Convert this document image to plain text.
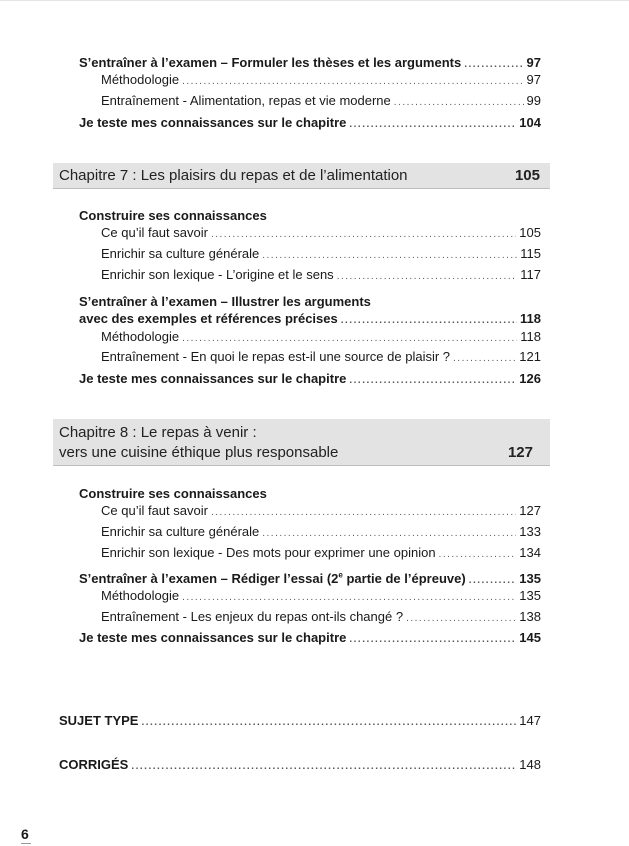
S’entraîner à l’examen – Formuler les thèses et les arguments .....	97
Méthodologie .....	97
Entraînement - Alimentation, repas et vie moderne .....	99
Je teste mes connaissances sur le chapitre .....	104
Chapitre 7 : Les plaisirs du repas et de l’alimentation	105
Construire ses connaissances
Ce qu’il faut savoir .....	105
Enrichir sa culture générale .....	115
Enrichir son lexique - L’origine et le sens .....	117
S’entraîner à l’examen – Illustrer les arguments
avec des exemples et références précises .....	118
Méthodologie .....	118
Entraînement - En quoi le repas est-il une source de plaisir ? .....	121
Je teste mes connaissances sur le chapitre .....	126
Chapitre 8 : Le repas à venir :
vers une cuisine éthique plus responsable	127
Construire ses connaissances
Ce qu’il faut savoir .....	127
Enrichir sa culture générale .....	133
Enrichir son lexique - Des mots pour exprimer une opinion .....	134
S’entraîner à l’examen – Rédiger l’essai (2e partie de l’épreuve) .....	135
Méthodologie .....	135
Entraînement - Les enjeux du repas ont-ils changé ? .....	138
Je teste mes connaissances sur le chapitre .....	145
SUJET TYPE .....	147
CORRIGÉS .....	148
6
